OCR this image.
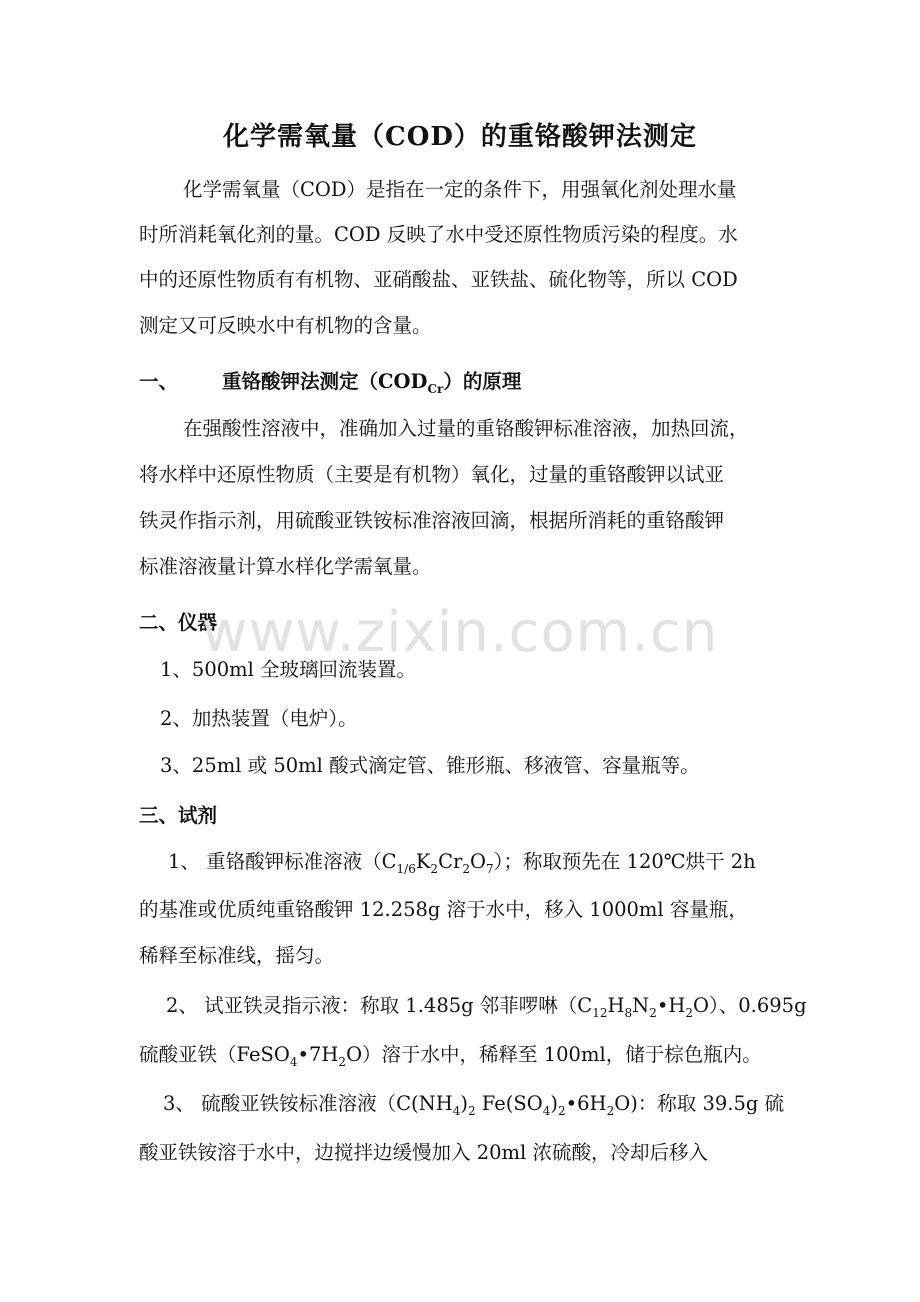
化学需氧量（COD）的重铬酸钾法测定
化学需氧量（COD）是指在一定的条件下，用强氧化剂处理水量
时所消耗氧化剂的量。COD 反映了水中受还原性物质污染的程度。水
中的还原性物质有有机物、亚硝酸盐、亚铁盐、硫化物等，所以 COD
测定又可反映水中有机物的含量。
一、 重铬酸钾法测定$(COD_{Cr})$的原理
在强酸性溶液中，准确加入过量的重铬酸钾标准溶液，加热回流，
将水样中还原性物质（主要是有机物）氧化，过量的重铬酸钾以试亚
铁灵作指示剂，用硫酸亚铁铵标准溶液回滴，根据所消耗的重铬酸钾
标准溶液量计算水样化学需氧量。
二、仪器
1、500ml 全玻璃回流装置。
2、加热装置（电炉）。
3、25ml 或 50ml 酸式滴定管、锥形瓶、移液管、容量瓶等。
三、试剂
1、 重铬酸钾标准溶液$(C_{1/6}K_2Cr_2O_7)$；称取预先在 120℃烘干 2h
的基准或优质纯重铬酸钾 12.258g 溶于水中，移入 1000ml 容量瓶，
稀释至标准线，摇匀。
2、 试亚铁灵指示液：称取 1.485g 邻菲啰啉$(C_{12}H_8N_2•H_2O)$、0.695g
硫酸亚铁$(FeSO_4•7H_2O)$溶于水中，稀释至 100ml，储于棕色瓶内。
3、 硫酸亚铁铵标准溶液（$C(NH_4)_2$ $Fe(SO_4)_2•6H_2O$)：称取 39.5g 硫
酸亚铁铵溶于水中，边搅拌边缓慢加入 20ml 浓硫酸，冷却后移入
www.zixin.com.cn
